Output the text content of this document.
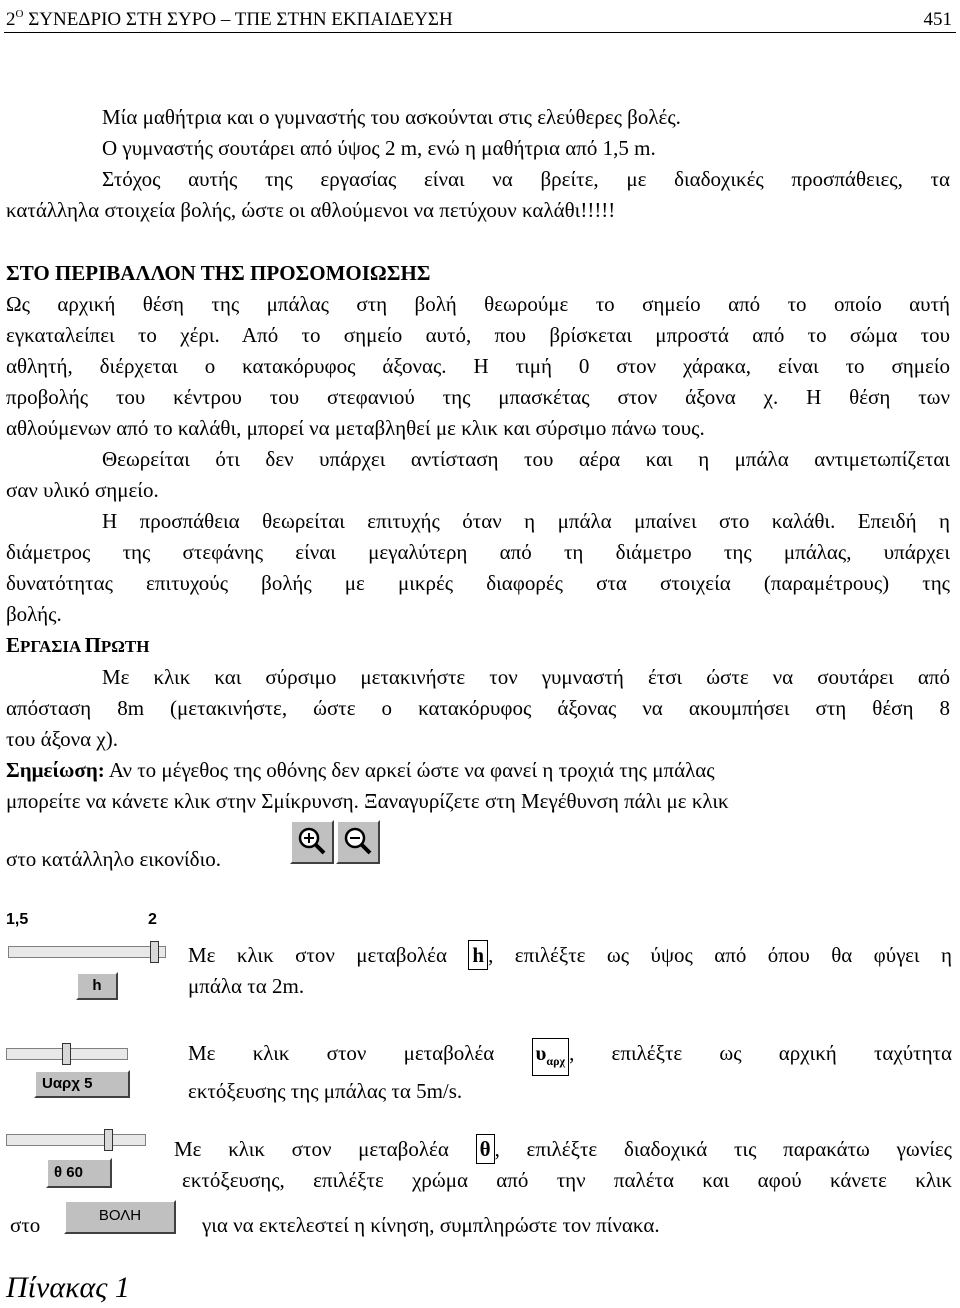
$2^O$ ΣΥΝΕΔΡΙΟ ΣΤΗ ΣΥΡΟ – ΤΠΕ ΣΤΗΝ ΕΚΠΑΙΔΕΥΣΗ	451
Μία μαθήτρια και ο γυμναστής του ασκούνται στις ελεύθερες βολές.
Ο γυμναστής σουτάρει από ύψος 2 m, ενώ η μαθήτρια από 1,5 m.
Στόχος αυτής της εργασίας είναι να βρείτε, με διαδοχικές προσπάθειες, τα
κατάλληλα στοιχεία βολής, ώστε οι αθλούμενοι να πετύχουν καλάθι!!!!!
ΣΤΟ ΠΕΡΙΒΑΛΛΟΝ ΤΗΣ ΠΡΟΣΟΜΟΙΩΣΗΣ
Ως αρχική θέση της μπάλας στη βολή θεωρούμε το σημείο από το οποίο αυτή
εγκαταλείπει το χέρι. Από το σημείο αυτό, που βρίσκεται μπροστά από το σώμα του
αθλητή, διέρχεται ο κατακόρυφος άξονας. Η τιμή 0 στον χάρακα, είναι το σημείο
προβολής του κέντρου του στεφανιού της μπασκέτας στον άξονα χ. Η θέση των
αθλούμενων από το καλάθι, μπορεί να μεταβληθεί με κλικ και σύρσιμο πάνω τους.
Θεωρείται ότι δεν υπάρχει αντίσταση του αέρα και η μπάλα αντιμετωπίζεται
σαν υλικό σημείο.
Η προσπάθεια θεωρείται επιτυχής όταν η μπάλα μπαίνει στο καλάθι. Επειδή η
διάμετρος της στεφάνης είναι μεγαλύτερη από τη διάμετρο της μπάλας, υπάρχει
δυνατότητας επιτυχούς βολής με μικρές διαφορές στα στοιχεία (παραμέτρους) της
βολής.
ΕΡΓΑΣΙΑ ΠΡΩΤΗ
Με κλικ και σύρσιμο μετακινήστε τον γυμναστή έτσι ώστε να σουτάρει από
απόσταση 8m (μετακινήστε, ώστε ο κατακόρυφος άξονας να ακουμπήσει στη θέση 8
του άξονα χ).
Σημείωση: Αν το μέγεθος της οθόνης δεν αρκεί ώστε να φανεί η τροχιά της μπάλας
μπορείτε να κάνετε κλικ στην Σμίκρυνση. Ξαναγυρίζετε στη Μεγέθυνση πάλι με κλικ
στο κατάλληλο εικονίδιο.
1,5	2
h
Με κλικ στον μεταβολέα h , επιλέξτε ως ύψος από όπου θα φύγει η
μπάλα τα 2m.
Uαρχ 5
Με κλικ στον μεταβολέα $\upsilon_{\alpha\rho\chi}$ , επιλέξτε ως αρχική ταχύτητα
εκτόξευσης της μπάλας τα 5m/s.
θ 60
Με κλικ στον μεταβολέα θ , επιλέξτε διαδοχικά τις παρακάτω γωνίες
εκτόξευσης, επιλέξτε χρώμα από την παλέτα και αφού κάνετε κλικ
στο	ΒΟΛΗ	για να εκτελεστεί η κίνηση, συμπληρώστε τον πίνακα.
Πίνακας 1
